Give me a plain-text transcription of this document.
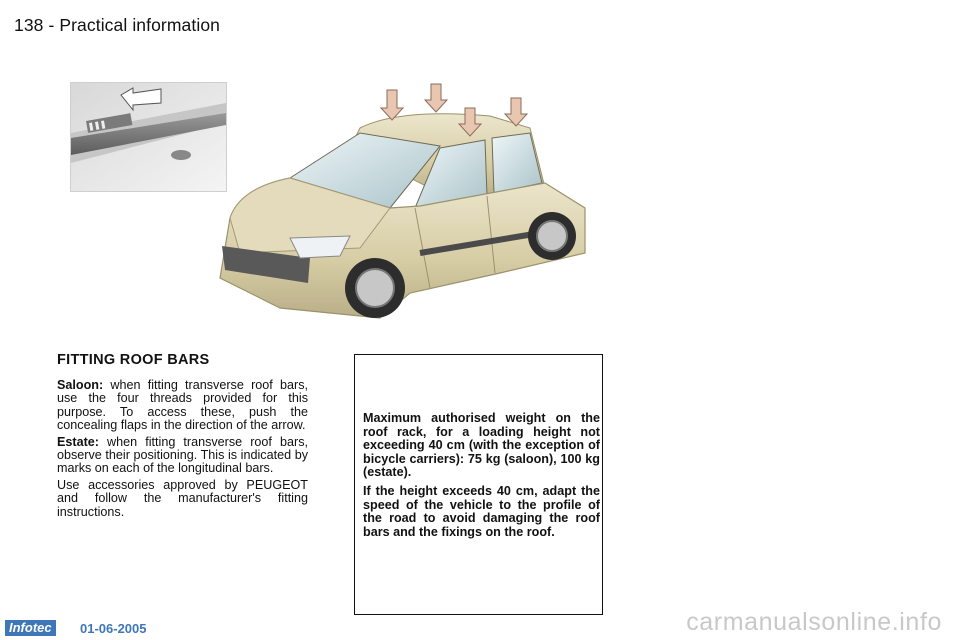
138 - Practical information
FITTING ROOF BARS

Saloon: when fitting transverse roof bars, use the four threads provided for this purpose. To access these, push the concealing flaps in the direction of the arrow.

Estate: when fitting transverse roof bars, observe their positioning. This is indicated by marks on each of the longitudinal bars.

Use accessories approved by PEUGEOT and follow the manufacturer's fitting instructions.

Maximum authorised weight on the roof rack, for a loading height not exceeding 40 cm (with the exception of bicycle carriers): 75 kg (saloon), 100 kg (estate).

If the height exceeds 40 cm, adapt the speed of the vehicle to the profile of the road to avoid damaging the roof bars and the fixings on the roof.

Infotec	01-06-2005	carmanualsonline.info
